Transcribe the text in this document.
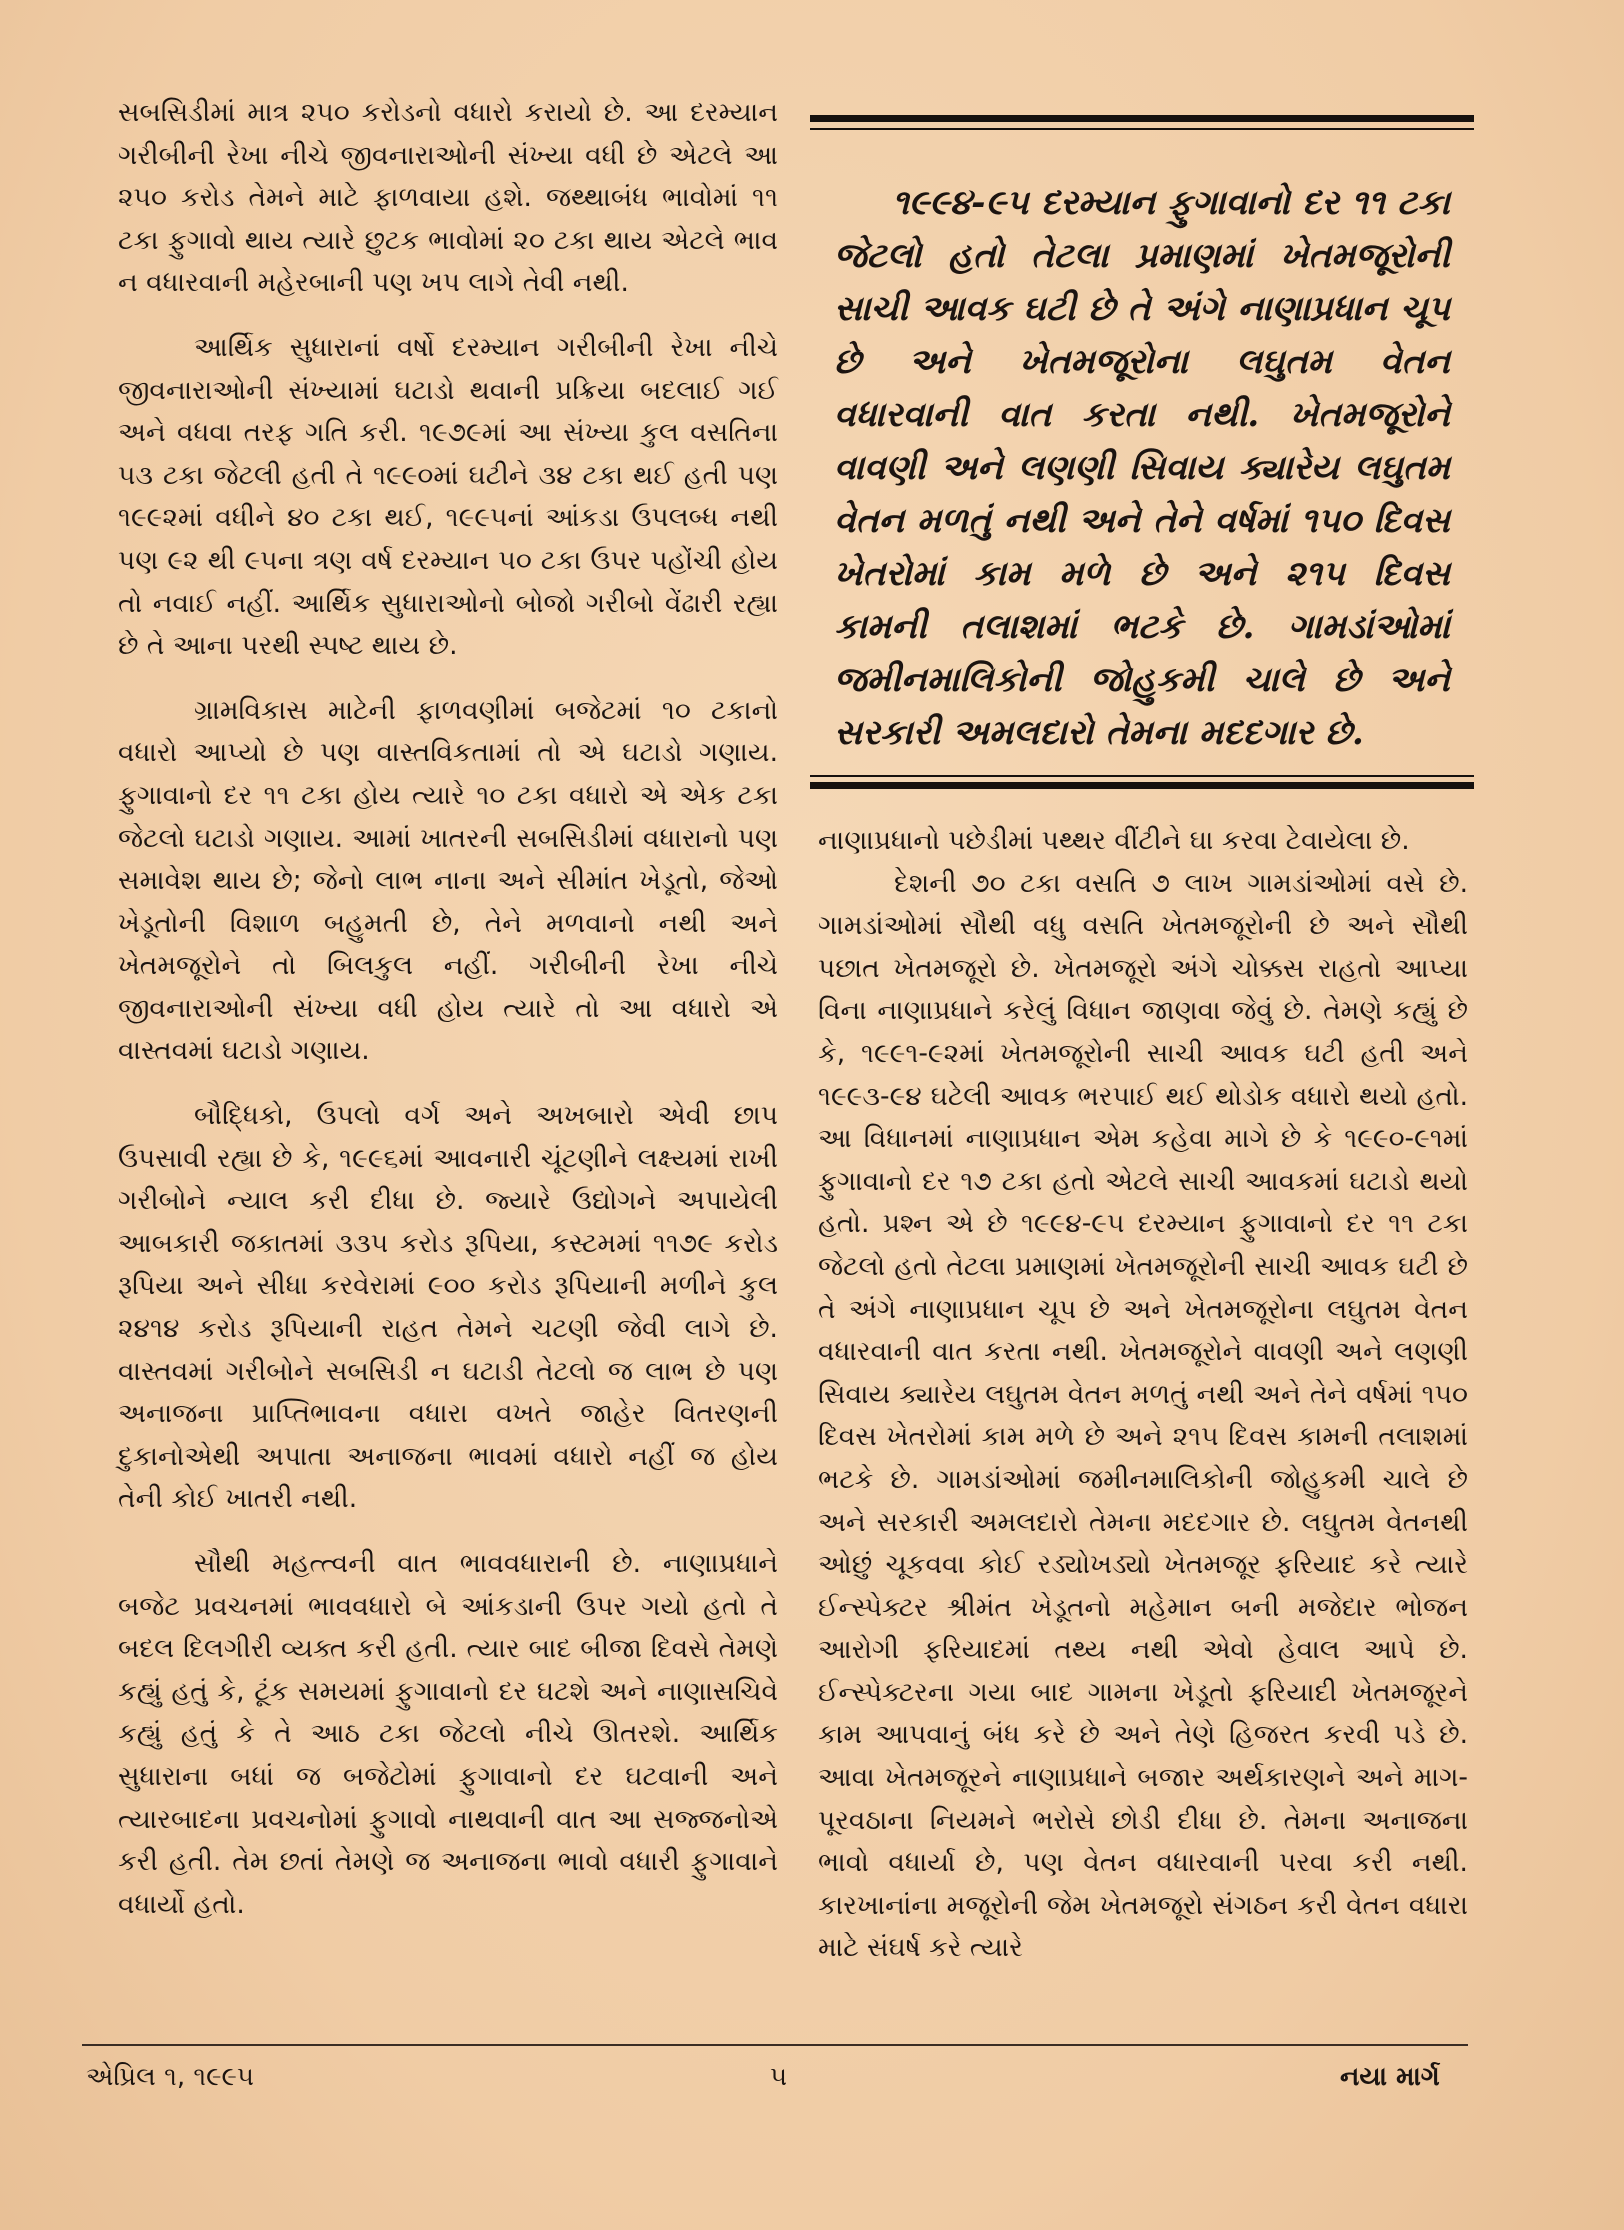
સબસિડીમાં માત્ર ૨૫૦ કરોડનો વધારો કરાયો છે. આ દરમ્યાન ગરીબીની રેખા નીચે જીવનારાઓની સંખ્યા વધી છે એટલે આ ૨૫૦ કરોડ તેમને માટે ફાળવાયા હશે. જથ્થાબંધ ભાવોમાં ૧૧ ટકા ફુગાવો થાય ત્યારે છુટક ભાવોમાં ૨૦ ટકા થાય એટલે ભાવ ન વધારવાની મહેરબાની પણ ખપ લાગે તેવી નથી.

આર્થિક સુધારાનાં વર્ષો દરમ્યાન ગરીબીની રેખા નીચે જીવનારાઓની સંખ્યામાં ઘટાડો થવાની પ્રક્રિયા બદલાઈ ગઈ અને વધવા તરફ ગતિ કરી. ૧૯૭૯માં આ સંખ્યા કુલ વસતિના ૫૩ ટકા જેટલી હતી તે ૧૯૯૦માં ઘટીને ૩૪ ટકા થઈ હતી પણ ૧૯૯૨માં વધીને ૪૦ ટકા થઈ, ૧૯૯૫નાં આંકડા ઉપલબ્ધ નથી પણ ૯૨ થી ૯૫ના ત્રણ વર્ષ દરમ્યાન ૫૦ ટકા ઉપર પહોંચી હોય તો નવાઈ નહીં. આર્થિક સુધારાઓનો બોજો ગરીબો વેંઢારી રહ્યા છે તે આના પરથી સ્પષ્ટ થાય છે.

ગ્રામવિકાસ માટેની ફાળવણીમાં બજેટમાં ૧૦ ટકાનો વધારો આપ્યો છે પણ વાસ્તવિકતામાં તો એ ઘટાડો ગણાય. ફુગાવાનો દર ૧૧ ટકા હોય ત્યારે ૧૦ ટકા વધારો એ એક ટકા જેટલો ઘટાડો ગણાય. આમાં ખાતરની સબસિડીમાં વધારાનો પણ સમાવેશ થાય છે; જેનો લાભ નાના અને સીમાંત ખેડૂતો, જેઓ ખેડૂતોની વિશાળ બહુમતી છે, તેને મળવાનો નથી અને ખેતમજૂરોને તો બિલકુલ નહીં. ગરીબીની રેખા નીચે જીવનારાઓની સંખ્યા વધી હોય ત્યારે તો આ વધારો એ વાસ્તવમાં ઘટાડો ગણાય.

બૌદ્ધિકો, ઉપલો વર્ગ અને અખબારો એવી છાપ ઉપસાવી રહ્યા છે કે, ૧૯૯૬માં આવનારી ચૂંટણીને લક્ષ્યમાં રાખી ગરીબોને ન્યાલ કરી દીધા છે. જ્યારે ઉદ્યોગને અપાયેલી આબકારી જકાતમાં ૩૩૫ કરોડ રૂપિયા, કસ્ટમમાં ૧૧૭૯ કરોડ રૂપિયા અને સીધા કરવેરામાં ૯૦૦ કરોડ રૂપિયાની મળીને કુલ ૨૪૧૪ કરોડ રૂપિયાની રાહત તેમને ચટણી જેવી લાગે છે. વાસ્તવમાં ગરીબોને સબસિડી ન ઘટાડી તેટલો જ લાભ છે પણ અનાજના પ્રાપ્તિભાવના વધારા વખતે જાહેર વિતરણની દુકાનોએથી અપાતા અનાજના ભાવમાં વધારો નહીં જ હોય તેની કોઈ ખાતરી નથી.

સૌથી મહત્ત્વની વાત ભાવવધારાની છે. નાણાપ્રધાને બજેટ પ્રવચનમાં ભાવવધારો બે આંકડાની ઉપર ગયો હતો તે બદલ દિલગીરી વ્યક્ત કરી હતી. ત્યાર બાદ બીજા દિવસે તેમણે કહ્યું હતું કે, ટૂંક સમયમાં ફુગાવાનો દર ઘટશે અને નાણાસચિવે કહ્યું હતું કે તે આઠ ટકા જેટલો નીચે ઊતરશે. આર્થિક સુધારાના બધાં જ બજેટોમાં ફુગાવાનો દર ઘટવાની અને ત્યારબાદના પ્રવચનોમાં ફુગાવો નાથવાની વાત આ સજ્જનોએ કરી હતી. તેમ છતાં તેમણે જ અનાજના ભાવો વધારી ફુગાવાને વધાર્યો હતો.

૧૯૯૪-૯૫ દરમ્યાન ફુગાવાનો દર ૧૧ ટકા જેટલો હતો તેટલા પ્રમાણમાં ખેતમજૂરોની સાચી આવક ઘટી છે તે અંગે નાણાપ્રધાન ચૂપ છે અને ખેતમજૂરોના લઘુતમ વેતન વધારવાની વાત કરતા નથી. ખેતમજૂરોને વાવણી અને લણણી સિવાય ક્યારેય લઘુતમ વેતન મળતું નથી અને તેને વર્ષમાં ૧૫૦ દિવસ ખેતરોમાં કામ મળે છે અને ૨૧૫ દિવસ કામની તલાશમાં ભટકે છે. ગામડાંઓમાં જમીનમાલિકોની જોહુકમી ચાલે છે અને સરકારી અમલદારો તેમના મદદગાર છે.

નાણાપ્રધાનો પછેડીમાં પથ્થર વીંટીને ઘા કરવા ટેવાયેલા છે.

દેશની ૭૦ ટકા વસતિ ૭ લાખ ગામડાંઓમાં વસે છે. ગામડાંઓમાં સૌથી વધુ વસતિ ખેતમજૂરોની છે અને સૌથી પછાત ખેતમજૂરો છે. ખેતમજૂરો અંગે ચોક્કસ રાહતો આપ્યા વિના નાણાપ્રધાને કરેલું વિધાન જાણવા જેવું છે. તેમણે કહ્યું છે કે, ૧૯૯૧-૯૨માં ખેતમજૂરોની સાચી આવક ઘટી હતી અને ૧૯૯૩-૯૪ ઘટેલી આવક ભરપાઈ થઈ થોડોક વધારો થયો હતો. આ વિધાનમાં નાણાપ્રધાન એમ કહેવા માગે છે કે ૧૯૯૦-૯૧માં ફુગાવાનો દર ૧૭ ટકા હતો એટલે સાચી આવકમાં ઘટાડો થયો હતો. પ્રશ્ન એ છે ૧૯૯૪-૯૫ દરમ્યાન ફુગાવાનો દર ૧૧ ટકા જેટલો હતો તેટલા પ્રમાણમાં ખેતમજૂરોની સાચી આવક ઘટી છે તે અંગે નાણાપ્રધાન ચૂપ છે અને ખેતમજૂરોના લઘુતમ વેતન વધારવાની વાત કરતા નથી. ખેતમજૂરોને વાવણી અને લણણી સિવાય ક્યારેય લઘુતમ વેતન મળતું નથી અને તેને વર્ષમાં ૧૫૦ દિવસ ખેતરોમાં કામ મળે છે અને ૨૧૫ દિવસ કામની તલાશમાં ભટકે છે. ગામડાંઓમાં જમીનમાલિકોની જોહુકમી ચાલે છે અને સરકારી અમલદારો તેમના મદદગાર છે. લઘુતમ વેતનથી ઓછું ચૂકવવા કોઈ રડ્યોખડ્યો ખેતમજૂર ફરિયાદ કરે ત્યારે ઈન્સ્પેક્ટર શ્રીમંત ખેડૂતનો મહેમાન બની મજેદાર ભોજન આરોગી ફરિયાદમાં તથ્ય નથી એવો હેવાલ આપે છે. ઈન્સ્પેક્ટરના ગયા બાદ ગામના ખેડૂતો ફરિયાદી ખેતમજૂરને કામ આપવાનું બંધ કરે છે અને તેણે હિજરત કરવી પડે છે. આવા ખેતમજૂરને નાણાપ્રધાને બજાર અર્થકારણને અને માગ-પૂરવઠાના નિયમને ભરોસે છોડી દીધા છે. તેમના અનાજના ભાવો વધાર્યા છે, પણ વેતન વધારવાની પરવા કરી નથી. કારખાનાંના મજૂરોની જેમ ખેતમજૂરો સંગઠન કરી વેતન વધારા માટે સંઘર્ષ કરે ત્યારે

એપ્રિલ ૧, ૧૯૯૫	૫	નયા માર્ગ
